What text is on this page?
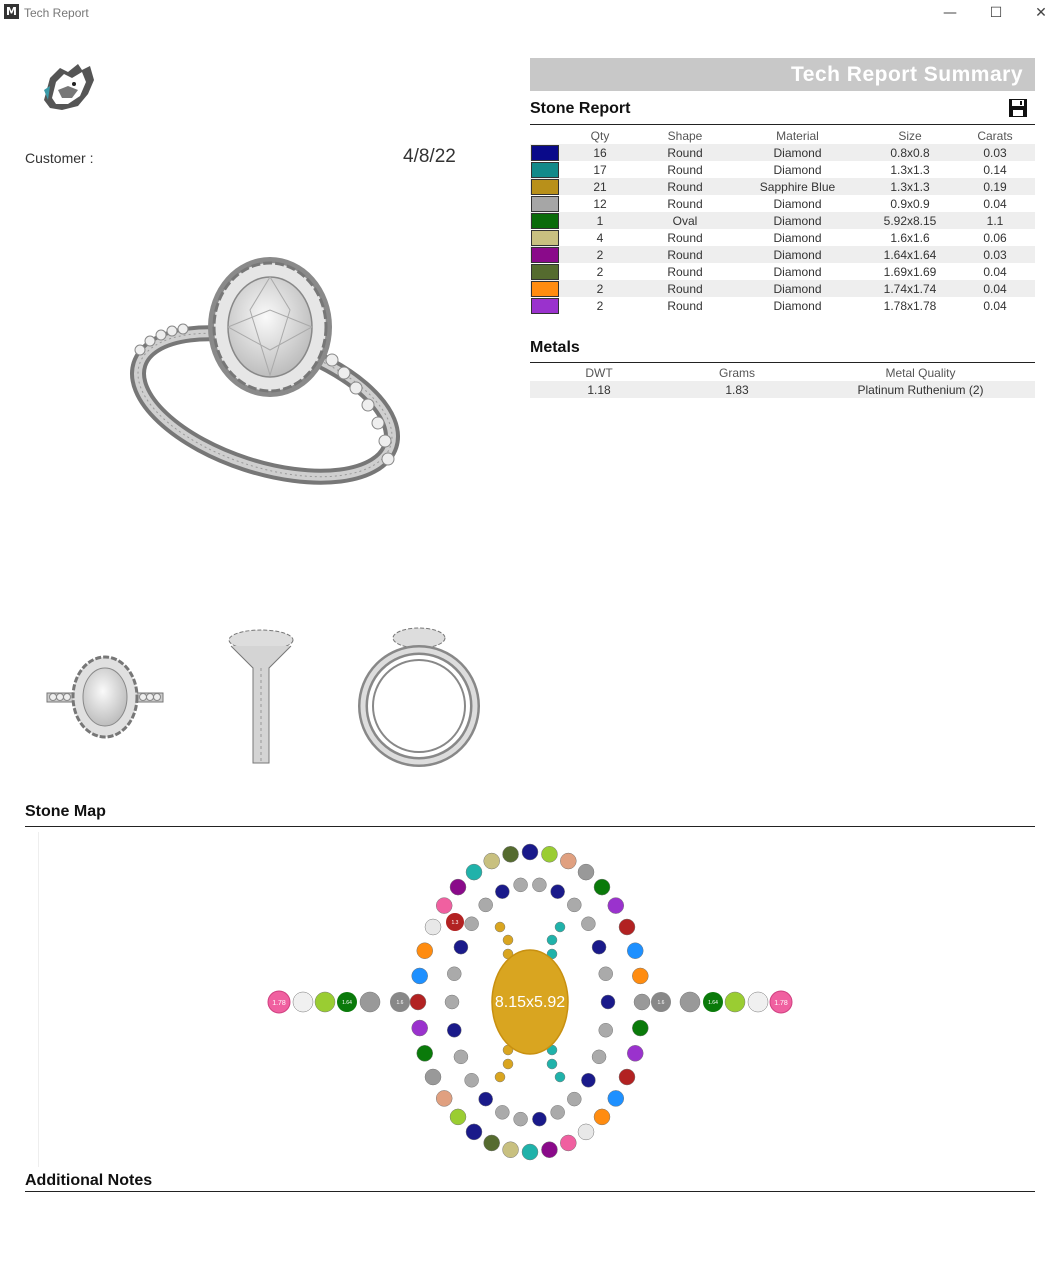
M Tech Report	—	☐	✕
Customer :	4/8/22
Tech Report Summary
Stone Report
	Qty	Shape	Material	Size	Carats
	16	Round	Diamond	0.8x0.8	0.03
	17	Round	Diamond	1.3x1.3	0.14
	21	Round	Sapphire Blue	1.3x1.3	0.19
	12	Round	Diamond	0.9x0.9	0.04
	1	Oval	Diamond	5.92x8.15	1.1
	4	Round	Diamond	1.6x1.6	0.06
	2	Round	Diamond	1.64x1.64	0.03
	2	Round	Diamond	1.69x1.69	0.04
	2	Round	Diamond	1.74x1.74	0.04
	2	Round	Diamond	1.78x1.78	0.04
Metals
DWT	Grams	Metal Quality
1.18	1.83	Platinum Ruthenium (2)
Stone Map
8.15x5.92
1.78	1.78
1.64	1.64
1.6	1.6
1.3
Additional Notes
